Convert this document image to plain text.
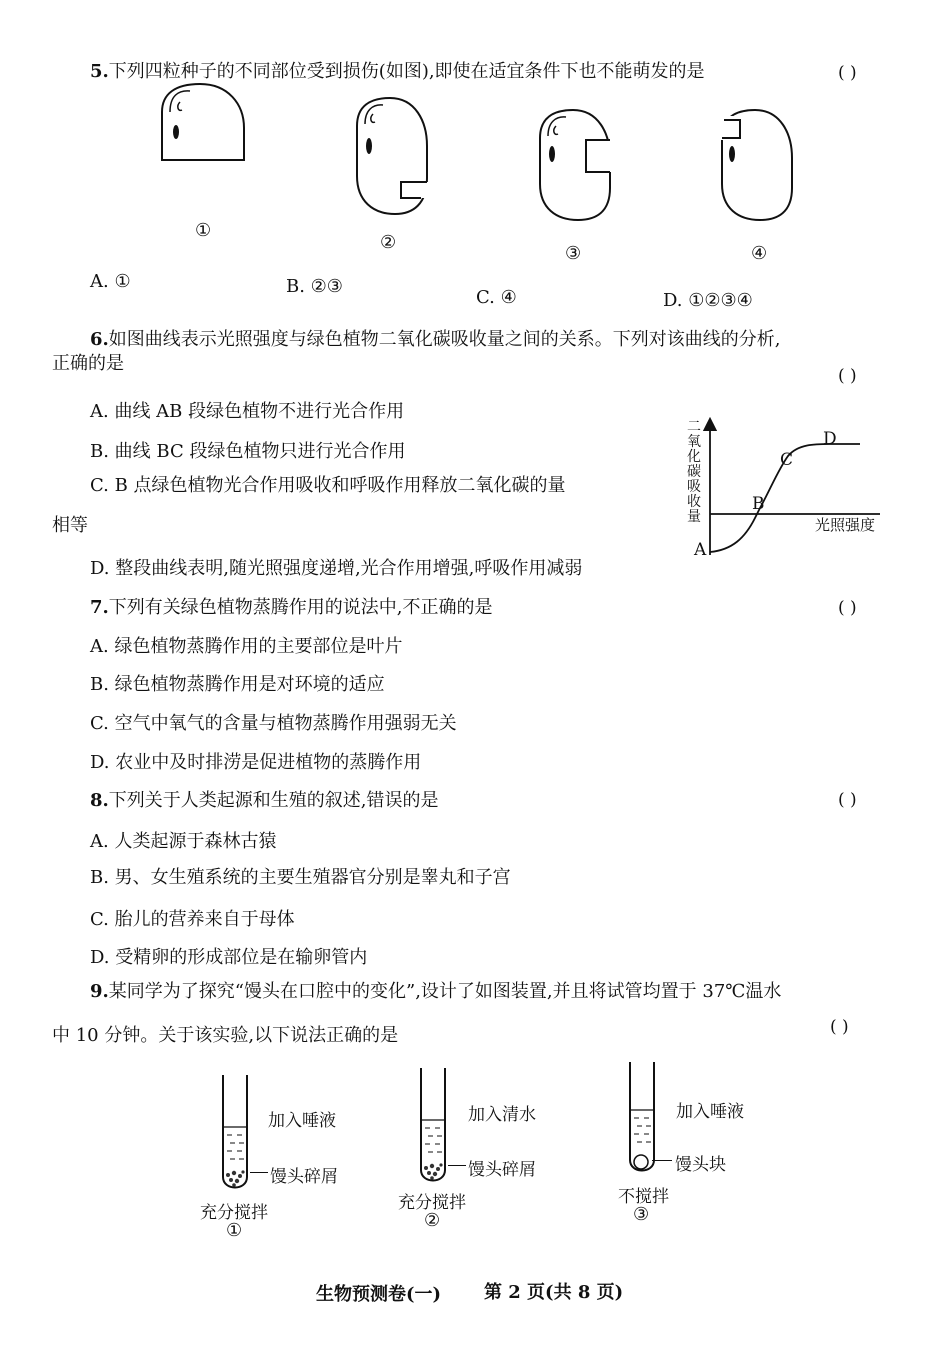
5.下列四粒种子的不同部位受到损伤(如图),即使在适宜条件下也不能萌发的是	( )
①
②
③	④
A. ①	B. ②③
C. ④	D. ①②③④
6.如图曲线表示光照强度与绿色植物二氧化碳吸收量之间的关系。下列对该曲线的分析,
正确的是
( )
A. 曲线 AB 段绿色植物不进行光合作用
B. 曲线 BC 段绿色植物只进行光合作用
C. B 点绿色植物光合作用吸收和呼吸作用释放二氧化碳的量
相等
D. 整段曲线表明,随光照强度递增,光合作用增强,呼吸作用减弱
二氧化碳吸收量
A
B
C
D
光照强度
7.下列有关绿色植物蒸腾作用的说法中,不正确的是	( )
A. 绿色植物蒸腾作用的主要部位是叶片
B. 绿色植物蒸腾作用是对环境的适应
C. 空气中氧气的含量与植物蒸腾作用强弱无关
D. 农业中及时排涝是促进植物的蒸腾作用
8.下列关于人类起源和生殖的叙述,错误的是	( )
A. 人类起源于森林古猿
B. 男、女生殖系统的主要生殖器官分别是睾丸和子宫
C. 胎儿的营养来自于母体
D. 受精卵的形成部位是在输卵管内
9.某同学为了探究“馒头在口腔中的变化”,设计了如图装置,并且将试管均置于 37℃温水
中 10 分钟。关于该实验,以下说法正确的是	( )
加入唾液
馒头碎屑
充分搅拌
①
加入清水
馒头碎屑
充分搅拌
②
加入唾液
馒头块
不搅拌
③
生物预测卷(一) 第 2 页(共 8 页)
